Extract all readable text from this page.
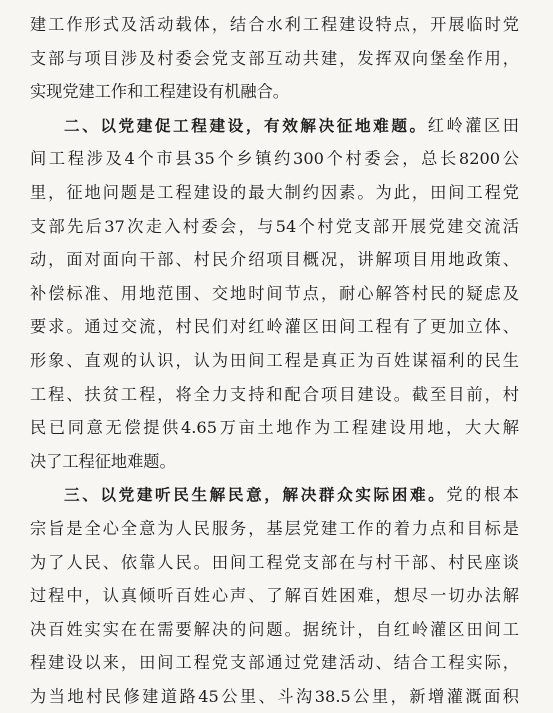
建工作形式及活动载体，结合水利工程建设特点，开展临时党
支部与项目涉及村委会党支部互动共建，发挥双向堡垒作用，
实现党建工作和工程建设有机融合。
二、以党建促工程建设，有效解决征地难题。红岭灌区田
间工程涉及4个市县35个乡镇约300个村委会，总长8200公
里，征地问题是工程建设的最大制约因素。为此，田间工程党
支部先后37次走入村委会，与54个村党支部开展党建交流活
动，面对面向干部、村民介绍项目概况，讲解项目用地政策、
补偿标准、用地范围、交地时间节点，耐心解答村民的疑虑及
要求。通过交流，村民们对红岭灌区田间工程有了更加立体、
形象、直观的认识，认为田间工程是真正为百姓谋福利的民生
工程、扶贫工程，将全力支持和配合项目建设。截至目前，村
民已同意无偿提供4.65万亩土地作为工程建设用地，大大解
决了工程征地难题。
三、以党建听民生解民意，解决群众实际困难。党的根本
宗旨是全心全意为人民服务，基层党建工作的着力点和目标是
为了人民、依靠人民。田间工程党支部在与村干部、村民座谈
过程中，认真倾听百姓心声、了解百姓困难，想尽一切办法解
决百姓实实在在需要解决的问题。据统计，自红岭灌区田间工
程建设以来，田间工程党支部通过党建活动、结合工程实际，
为当地村民修建道路45公里、斗沟38.5公里，新增灌溉面积
